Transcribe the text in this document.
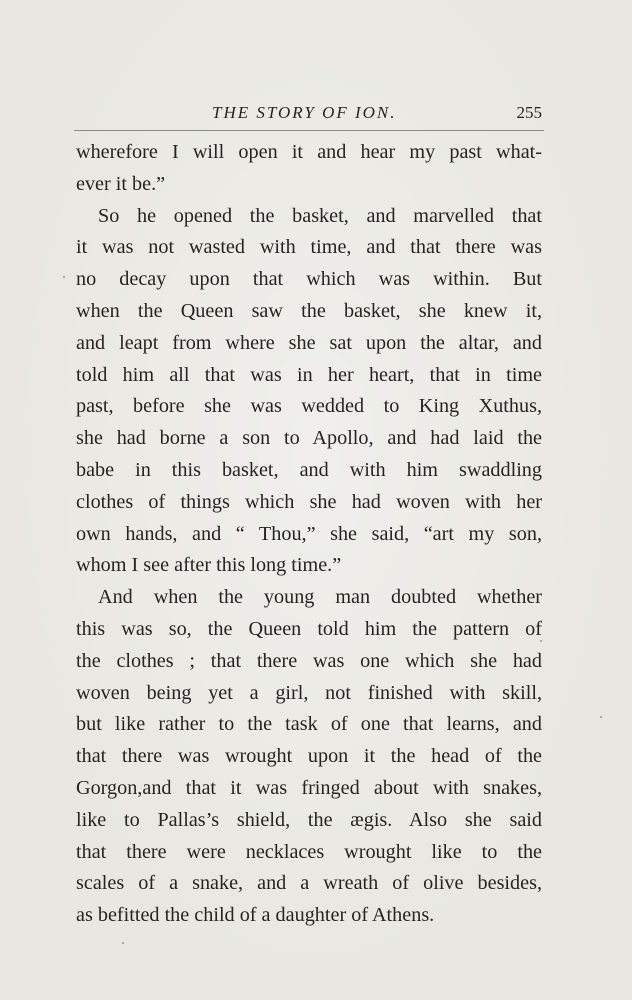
THE STORY OF ION.	255
wherefore I will open it and hear my past what-
ever it be.”
So he opened the basket, and marvelled that
it was not wasted with time, and that there was
no decay upon that which was within. But
when the Queen saw the basket, she knew it,
and leapt from where she sat upon the altar, and
told him all that was in her heart, that in time
past, before she was wedded to King Xuthus,
she had borne a son to Apollo, and had laid the
babe in this basket, and with him swaddling
clothes of things which she had woven with her
own hands, and “ Thou,” she said, “art my son,
whom I see after this long time.”
And when the young man doubted whether
this was so, the Queen told him the pattern of
the clothes ; that there was one which she had
woven being yet a girl, not finished with skill,
but like rather to the task of one that learns, and
that there was wrought upon it the head of the
Gorgon,and that it was fringed about with snakes,
like to Pallas’s shield, the ægis. Also she said
that there were necklaces wrought like to the
scales of a snake, and a wreath of olive besides,
as befitted the child of a daughter of Athens.
